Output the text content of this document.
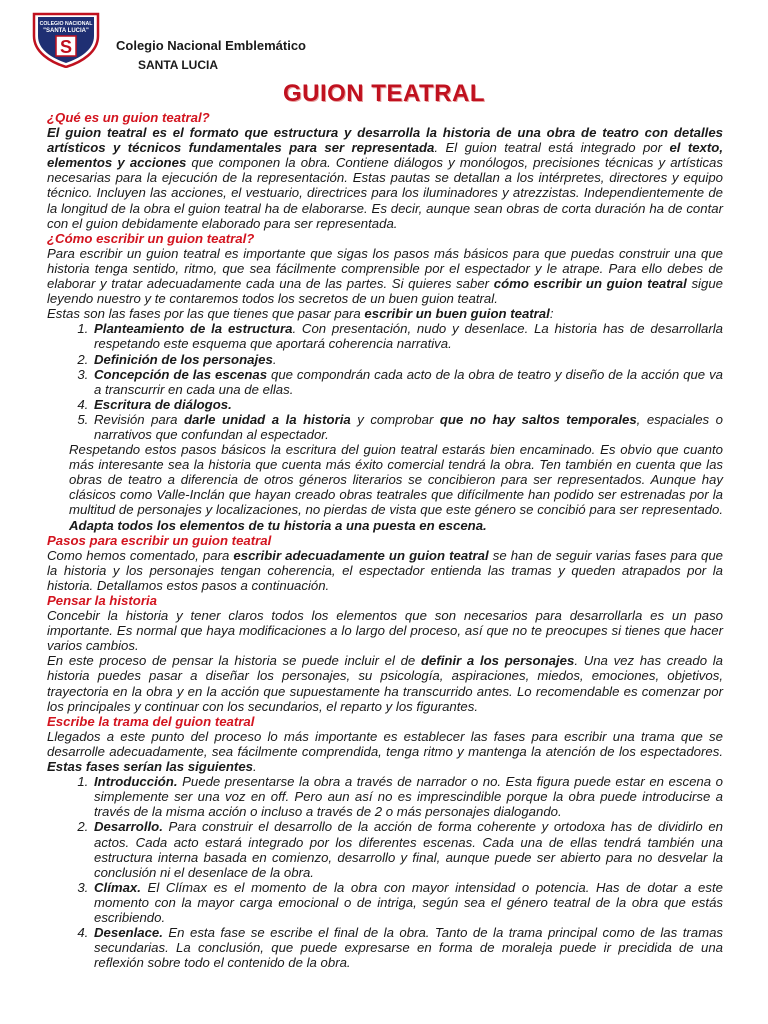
COLEGIO NACIONAL
"SANTA LUCIA"
S	Colegio Nacional Emblemático
SANTA LUCIA
GUION TEATRAL

¿Qué es un guion teatral?

El guion teatral es el formato que estructura y desarrolla la historia de una obra de teatro con detalles artísticos y técnicos fundamentales para ser representada. El guion teatral está integrado por el texto, elementos y acciones que componen la obra. Contiene diálogos y monólogos, precisiones técnicas y artísticas necesarias para la ejecución de la representación. Estas pautas se detallan a los intérpretes, directores y equipo técnico. Incluyen las acciones, el vestuario, directrices para los iluminadores y atrezzistas. Independientemente de la longitud de la obra el guion teatral ha de elaborarse. Es decir, aunque sean obras de corta duración ha de contar con el guion debidamente elaborado para ser representada.

¿Cómo escribir un guion teatral?

Para escribir un guion teatral es importante que sigas los pasos más básicos para que puedas construir una que historia tenga sentido, ritmo, que sea fácilmente comprensible por el espectador y le atrape. Para ello debes de elaborar y tratar adecuadamente cada una de las partes. Si quieres saber cómo escribir un guion teatral sigue leyendo nuestro y te contaremos todos los secretos de un buen guion teatral.

Estas son las fases por las que tienes que pasar para escribir un buen guion teatral:

1. Planteamiento de la estructura. Con presentación, nudo y desenlace. La historia has de desarrollarla respetando este esquema que aportará coherencia narrativa.
2. Definición de los personajes.
3. Concepción de las escenas que compondrán cada acto de la obra de teatro y diseño de la acción que va a transcurrir en cada una de ellas.
4. Escritura de diálogos.
5. Revisión para darle unidad a la historia y comprobar que no hay saltos temporales, espaciales o narrativos que confundan al espectador.

Respetando estos pasos básicos la escritura del guion teatral estarás bien encaminado. Es obvio que cuanto más interesante sea la historia que cuenta más éxito comercial tendrá la obra. Ten también en cuenta que las obras de teatro a diferencia de otros géneros literarios se concibieron para ser representados. Aunque hay clásicos como Valle-Inclán que hayan creado obras teatrales que difícilmente han podido ser estrenadas por la multitud de personajes y localizaciones, no pierdas de vista que este género se concibió para ser representado. Adapta todos los elementos de tu historia a una puesta en escena.

Pasos para escribir un guion teatral

Como hemos comentado, para escribir adecuadamente un guion teatral se han de seguir varias fases para que la historia y los personajes tengan coherencia, el espectador entienda las tramas y queden atrapados por la historia. Detallamos estos pasos a continuación.

Pensar la historia

Concebir la historia y tener claros todos los elementos que son necesarios para desarrollarla es un paso importante. Es normal que haya modificaciones a lo largo del proceso, así que no te preocupes si tienes que hacer varios cambios.

En este proceso de pensar la historia se puede incluir el de definir a los personajes. Una vez has creado la historia puedes pasar a diseñar los personajes, su psicología, aspiraciones, miedos, emociones, objetivos, trayectoria en la obra y en la acción que supuestamente ha transcurrido antes. Lo recomendable es comenzar por los principales y continuar con los secundarios, el reparto y los figurantes.

Escribe la trama del guion teatral

Llegados a este punto del proceso lo más importante es establecer las fases para escribir una trama que se desarrolle adecuadamente, sea fácilmente comprendida, tenga ritmo y mantenga la atención de los espectadores. Estas fases serían las siguientes.

1. Introducción. Puede presentarse la obra a través de narrador o no. Esta figura puede estar en escena o simplemente ser una voz en off. Pero aun así no es imprescindible porque la obra puede introducirse a través de la misma acción o incluso a través de 2 o más personajes dialogando.
2. Desarrollo. Para construir el desarrollo de la acción de forma coherente y ortodoxa has de dividirlo en actos. Cada acto estará integrado por los diferentes escenas. Cada una de ellas tendrá también una estructura interna basada en comienzo, desarrollo y final, aunque puede ser abierto para no desvelar la conclusión ni el desenlace de la obra.
3. Clímax. El Clímax es el momento de la obra con mayor intensidad o potencia. Has de dotar a este momento con la mayor carga emocional o de intriga, según sea el género teatral de la obra que estás escribiendo.
4. Desenlace. En esta fase se escribe el final de la obra. Tanto de la trama principal como de las tramas secundarias. La conclusión, que puede expresarse en forma de moraleja puede ir precidida de una reflexión sobre todo el contenido de la obra.
